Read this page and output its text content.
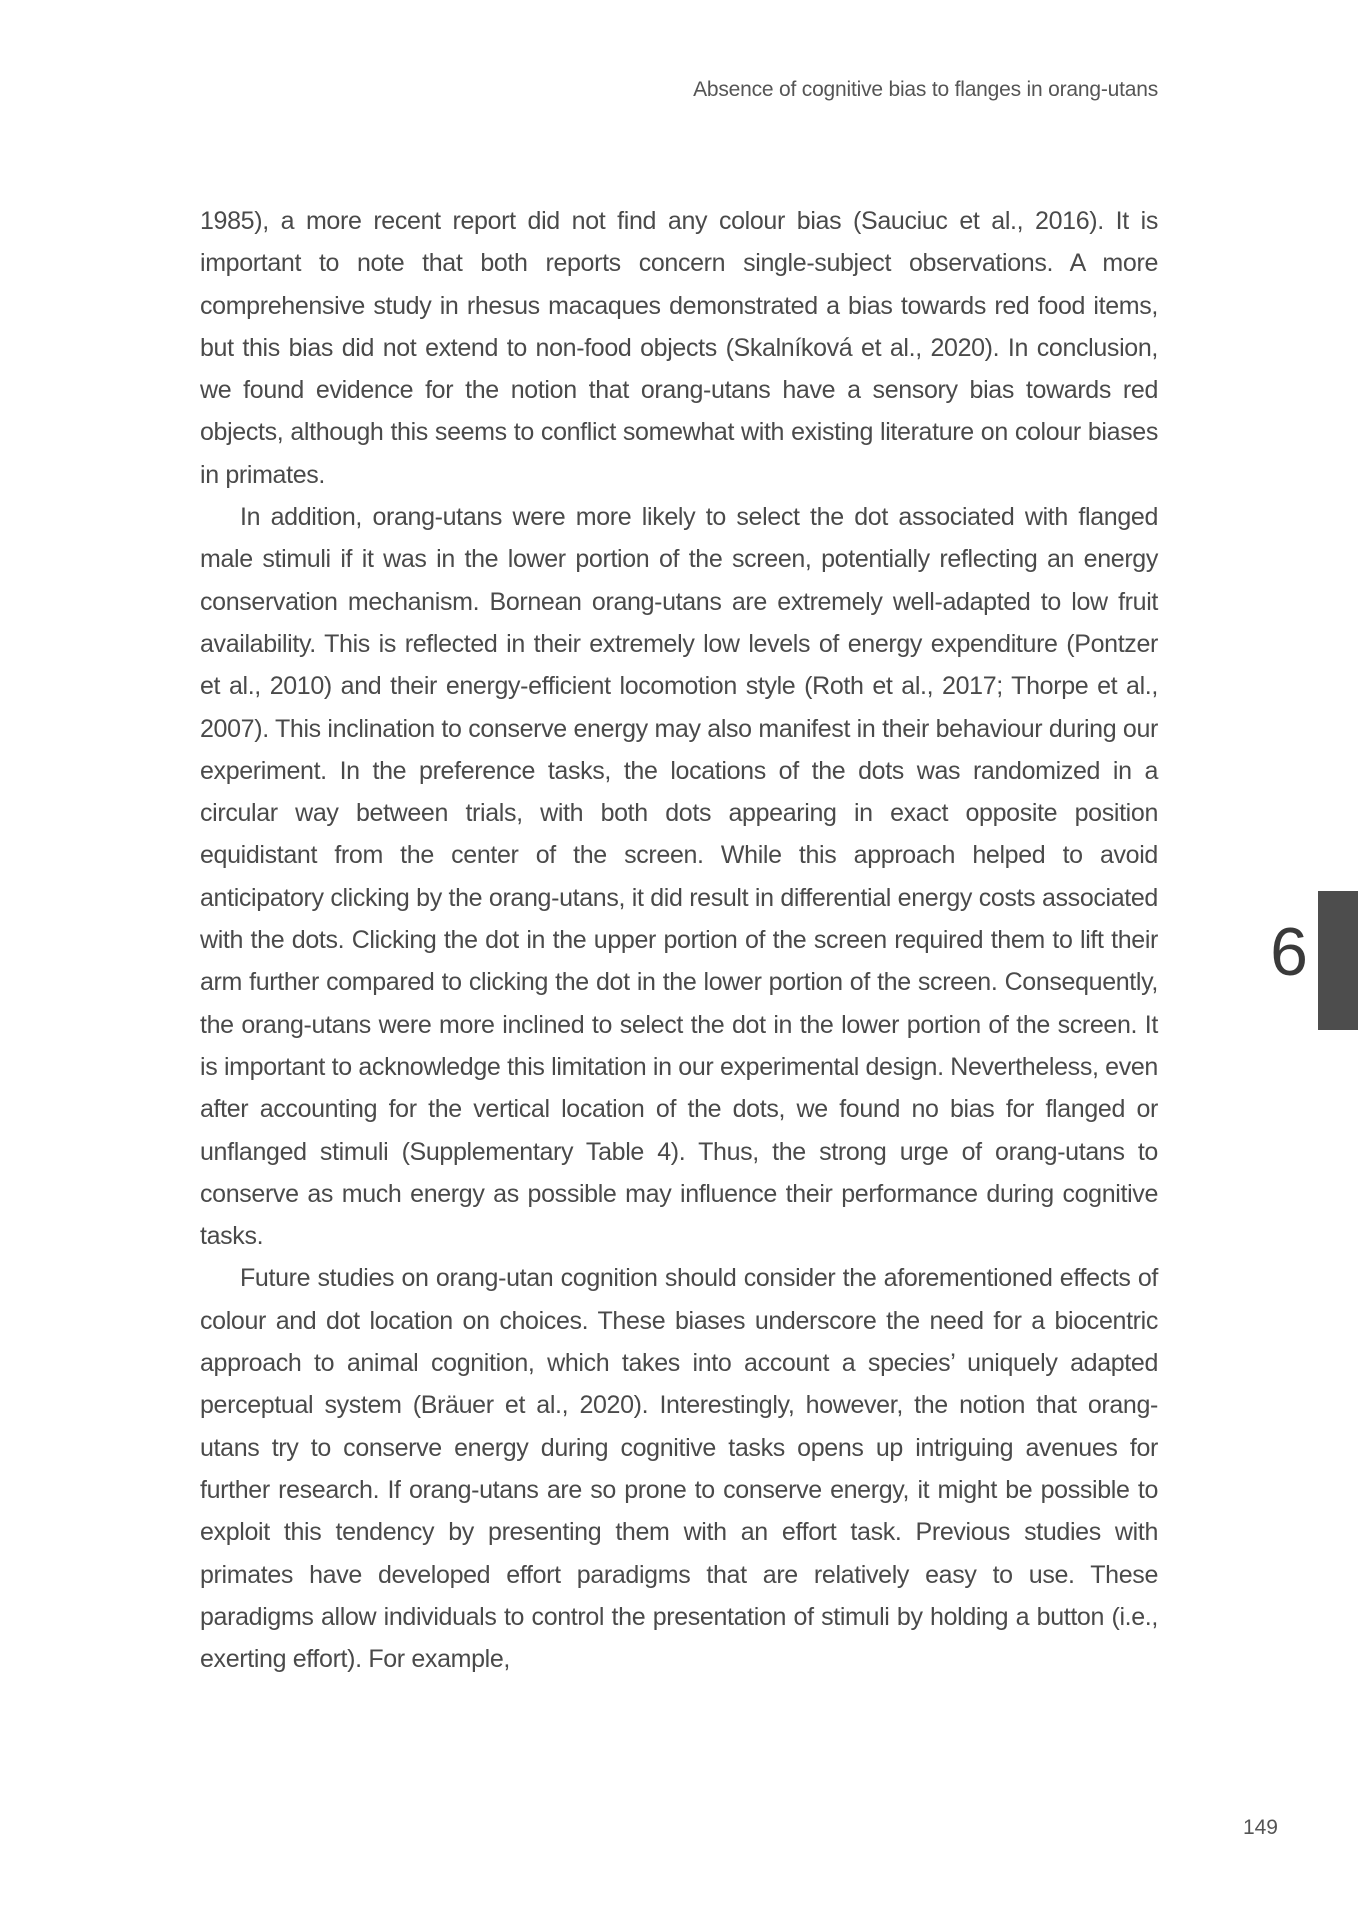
Absence of cognitive bias to flanges in orang-utans

1985), a more recent report did not find any colour bias (Sauciuc et al., 2016). It is important to note that both reports concern single-subject observations. A more comprehensive study in rhesus macaques demonstrated a bias towards red food items, but this bias did not extend to non-food objects (Skalníková et al., 2020). In conclusion, we found evidence for the notion that orang-utans have a sensory bias towards red objects, although this seems to conflict somewhat with existing literature on colour biases in primates.

In addition, orang-utans were more likely to select the dot associated with flanged male stimuli if it was in the lower portion of the screen, potentially reflecting an energy conservation mechanism. Bornean orang-utans are extremely well-adapted to low fruit availability. This is reflected in their extremely low levels of energy expenditure (Pontzer et al., 2010) and their energy-efficient locomotion style (Roth et al., 2017; Thorpe et al., 2007). This inclination to conserve energy may also manifest in their behaviour during our experiment. In the preference tasks, the locations of the dots was randomized in a circular way between trials, with both dots appearing in exact opposite position equidistant from the center of the screen. While this approach helped to avoid anticipatory clicking by the orang-utans, it did result in differential energy costs associated with the dots. Clicking the dot in the upper portion of the screen required them to lift their arm further compared to clicking the dot in the lower portion of the screen. Consequently, the orang-utans were more inclined to select the dot in the lower portion of the screen. It is important to acknowledge this limitation in our experimental design. Nevertheless, even after accounting for the vertical location of the dots, we found no bias for flanged or unflanged stimuli (Supplementary Table 4). Thus, the strong urge of orang-utans to conserve as much energy as possible may influence their performance during cognitive tasks.

Future studies on orang-utan cognition should consider the aforementioned effects of colour and dot location on choices. These biases underscore the need for a biocentric approach to animal cognition, which takes into account a species’ uniquely adapted perceptual system (Bräuer et al., 2020). Interestingly, however, the notion that orang-utans try to conserve energy during cognitive tasks opens up intriguing avenues for further research. If orang-utans are so prone to conserve energy, it might be possible to exploit this tendency by presenting them with an effort task. Previous studies with primates have developed effort paradigms that are relatively easy to use. These paradigms allow individuals to control the presentation of stimuli by holding a button (i.e., exerting effort). For example,

6
149
